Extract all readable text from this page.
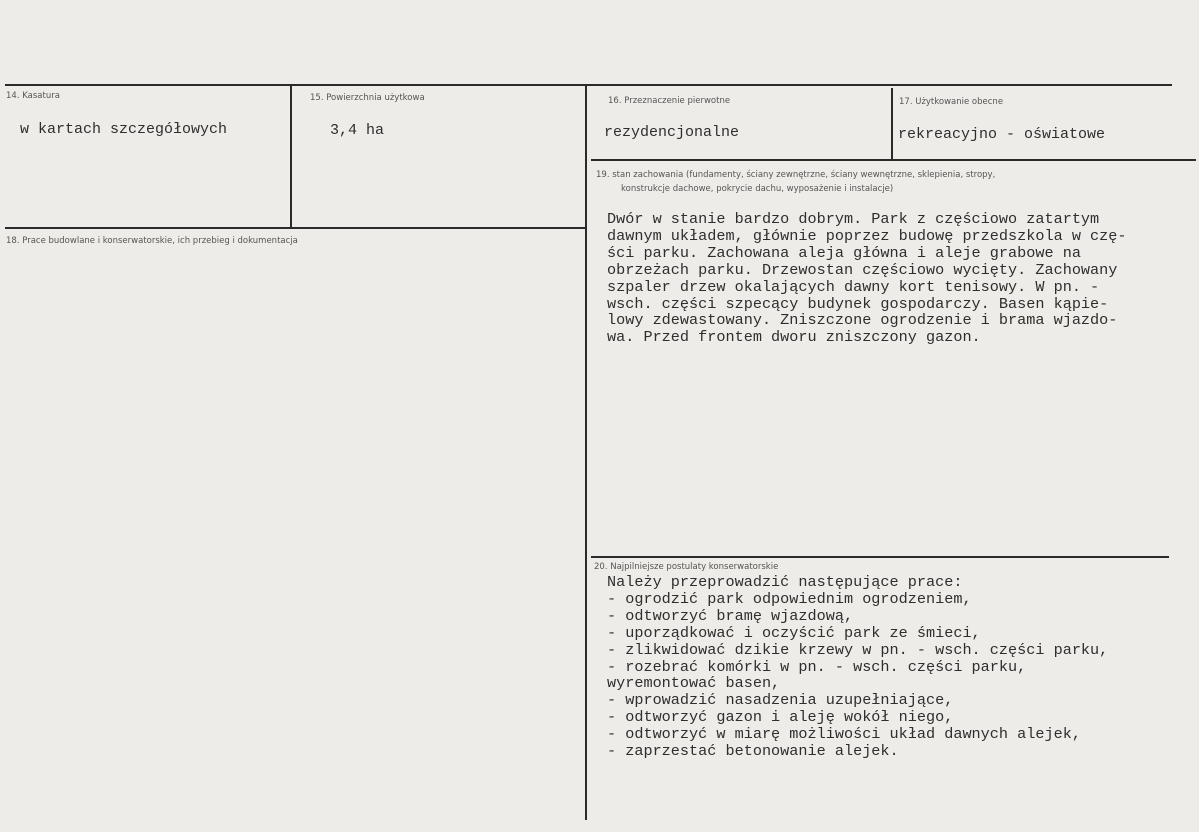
14. Kasatura
w kartach szczegółowych
15. Powierzchnia użytkowa
3,4 ha
16. Przeznaczenie pierwotne
rezydencjonalne
17. Użytkowanie obecne
rekreacyjno - oświatowe
18. Prace budowlane i konserwatorskie, ich przebieg i dokumentacja
19. stan zachowania (fundamenty, ściany zewnętrzne, ściany wewnętrzne, sklepienia, stropy,
konstrukcje dachowe, pokrycie dachu, wyposażenie i instalacje)
Dwór w stanie bardzo dobrym. Park z częściowo zatartym
dawnym układem, głównie poprzez budowę przedszkola w czę-
ści parku. Zachowana aleja główna i aleje grabowe na
obrzeżach parku. Drzewostan częściowo wycięty. Zachowany
szpaler drzew okalających dawny kort tenisowy. W pn. -
wsch. części szpecący budynek gospodarczy. Basen kąpie-
lowy zdewastowany. Zniszczone ogrodzenie i brama wjazdo-
wa. Przed frontem dworu zniszczony gazon.
20. Najpilniejsze postulaty konserwatorskie
Należy przeprowadzić następujące prace:
- ogrodzić park odpowiednim ogrodzeniem,
- odtworzyć bramę wjazdową,
- uporządkować i oczyścić park ze śmieci,
- zlikwidować dzikie krzewy w pn. - wsch. części parku,
- rozebrać komórki w pn. - wsch. części parku,
wyremontować basen,
- wprowadzić nasadzenia uzupełniające,
- odtworzyć gazon i aleję wokół niego,
- odtworzyć w miarę możliwości układ dawnych alejek,
- zaprzestać betonowanie alejek.
